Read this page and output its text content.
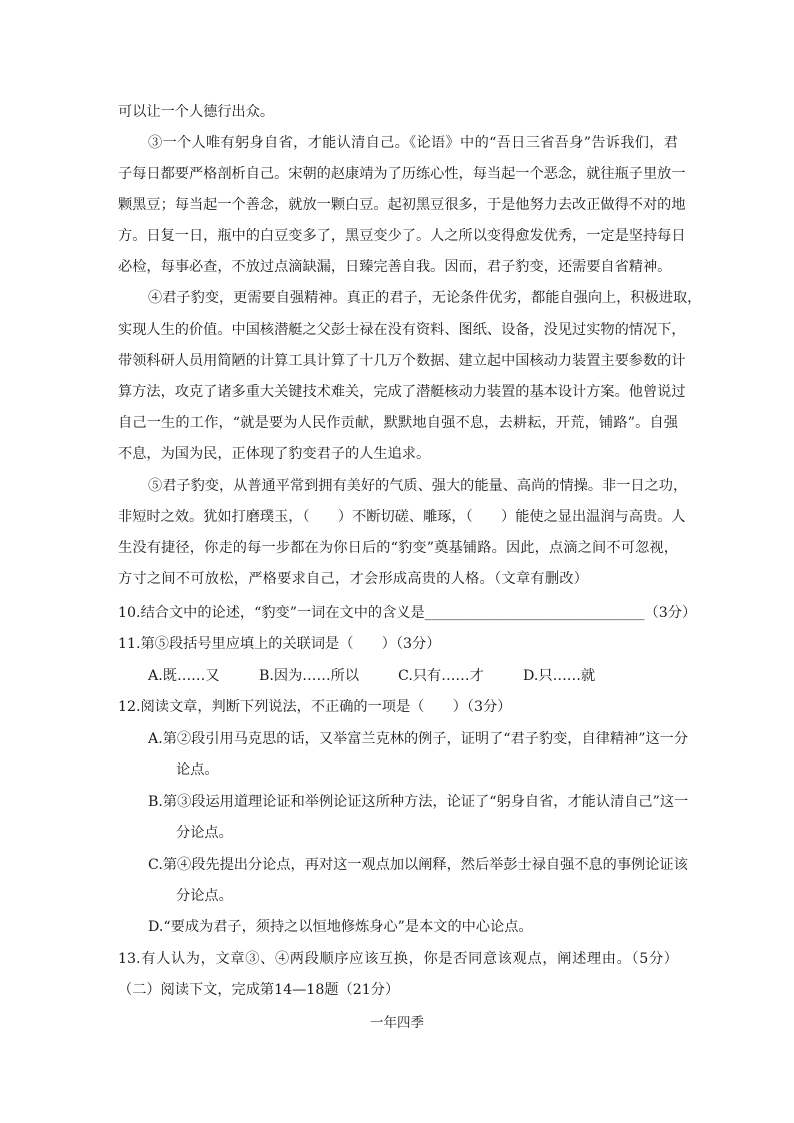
可以让一个人德行出众。
③一个人唯有躬身自省，才能认清自己。《论语》中的“吾日三省吾身”告诉我们，君
子每日都要严格剖析自己。宋朝的赵康靖为了历练心性，每当起一个恶念，就往瓶子里放一
颗黑豆；每当起一个善念，就放一颗白豆。起初黑豆很多，于是他努力去改正做得不对的地
方。日复一日，瓶中的白豆变多了，黑豆变少了。人之所以变得愈发优秀，一定是坚持每日
必检，每事必查，不放过点滴缺漏，日臻完善自我。因而，君子豹变，还需要自省精神。
④君子豹变，更需要自强精神。真正的君子，无论条件优劣，都能自强向上，积极进取，
实现人生的价值。中国核潜艇之父彭士禄在没有资料、图纸、设备，没见过实物的情况下，
带领科研人员用简陋的计算工具计算了十几万个数据、建立起中国核动力装置主要参数的计
算方法，攻克了诸多重大关键技术难关，完成了潜艇核动力装置的基本设计方案。他曾说过
自己一生的工作，“就是要为人民作贡献，默默地自强不息，去耕耘，开荒，铺路”。自强
不息，为国为民，正体现了豹变君子的人生追求。
⑤君子豹变，从普通平常到拥有美好的气质、强大的能量、高尚的情操。非一日之功，
非短时之效。犹如打磨璞玉，（　　）不断切磋、雕琢，（　　）能使之显出温润与高贵。人
生没有捷径，你走的每一步都在为你日后的“豹变”奠基铺路。因此，点滴之间不可忽视，
方寸之间不可放松，严格要求自己，才会形成高贵的人格。（文章有删改）
10.结合文中的论述，“豹变”一词在文中的含义是_______________________________（3分）
11.第⑤段括号里应填上的关联词是（　　）（3分）
A.既……又	B.因为……所以	C.只有……才	D.只……就
12.阅读文章，判断下列说法，不正确的一项是（　　）（3分）
A.第②段引用马克思的话，又举富兰克林的例子，证明了“君子豹变，自律精神”这一分
论点。
B.第③段运用道理论证和举例论证这所种方法，论证了“躬身自省，才能认清自己”这一
分论点。
C.第④段先提出分论点，再对这一观点加以阐释，然后举彭士禄自强不息的事例论证该
分论点。
D.“要成为君子，须持之以恒地修炼身心”是本文的中心论点。
13.有人认为，文章③、④两段顺序应该互换，你是否同意该观点，阐述理由。（5分）
（二）阅读下文，完成第14—18题（21分）
一年四季
